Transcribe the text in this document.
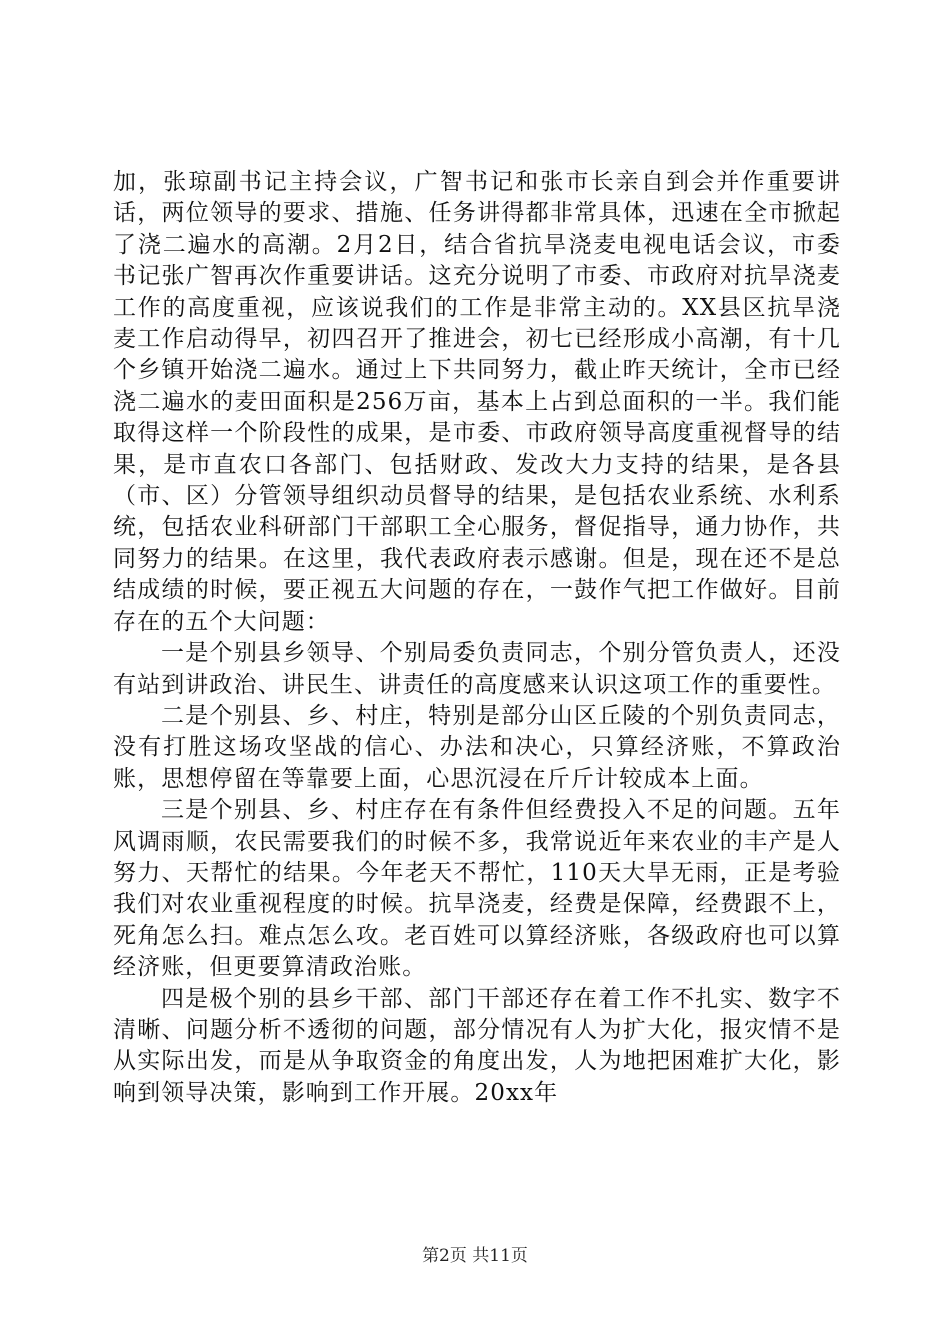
加，张琼副书记主持会议，广智书记和张市长亲自到会并作重要讲话，两位领导的要求、措施、任务讲得都非常具体，迅速在全市掀起了浇二遍水的高潮。2月2日，结合省抗旱浇麦电视电话会议，市委书记张广智再次作重要讲话。这充分说明了市委、市政府对抗旱浇麦工作的高度重视，应该说我们的工作是非常主动的。XX县区抗旱浇麦工作启动得早，初四召开了推进会，初七已经形成小高潮，有十几个乡镇开始浇二遍水。通过上下共同努力，截止昨天统计，全市已经浇二遍水的麦田面积是256万亩，基本上占到总面积的一半。我们能取得这样一个阶段性的成果，是市委、市政府领导高度重视督导的结果，是市直农口各部门、包括财政、发改大力支持的结果，是各县（市、区）分管领导组织动员督导的结果，是包括农业系统、水利系统，包括农业科研部门干部职工全心服务，督促指导，通力协作，共同努力的结果。在这里，我代表政府表示感谢。但是，现在还不是总结成绩的时候，要正视五大问题的存在，一鼓作气把工作做好。目前存在的五个大问题：

一是个别县乡领导、个别局委负责同志，个别分管负责人，还没有站到讲政治、讲民生、讲责任的高度感来认识这项工作的重要性。

二是个别县、乡、村庄，特别是部分山区丘陵的个别负责同志，没有打胜这场攻坚战的信心、办法和决心，只算经济账，不算政治账，思想停留在等靠要上面，心思沉浸在斤斤计较成本上面。

三是个别县、乡、村庄存在有条件但经费投入不足的问题。五年风调雨顺，农民需要我们的时候不多，我常说近年来农业的丰产是人努力、天帮忙的结果。今年老天不帮忙，110天大旱无雨，正是考验我们对农业重视程度的时候。抗旱浇麦，经费是保障，经费跟不上，死角怎么扫。难点怎么攻。老百姓可以算经济账，各级政府也可以算经济账，但更要算清政治账。

四是极个别的县乡干部、部门干部还存在着工作不扎实、数字不清晰、问题分析不透彻的问题，部分情况有人为扩大化，报灾情不是从实际出发，而是从争取资金的角度出发，人为地把困难扩大化，影响到领导决策，影响到工作开展。20xx年

第2页 共11页
